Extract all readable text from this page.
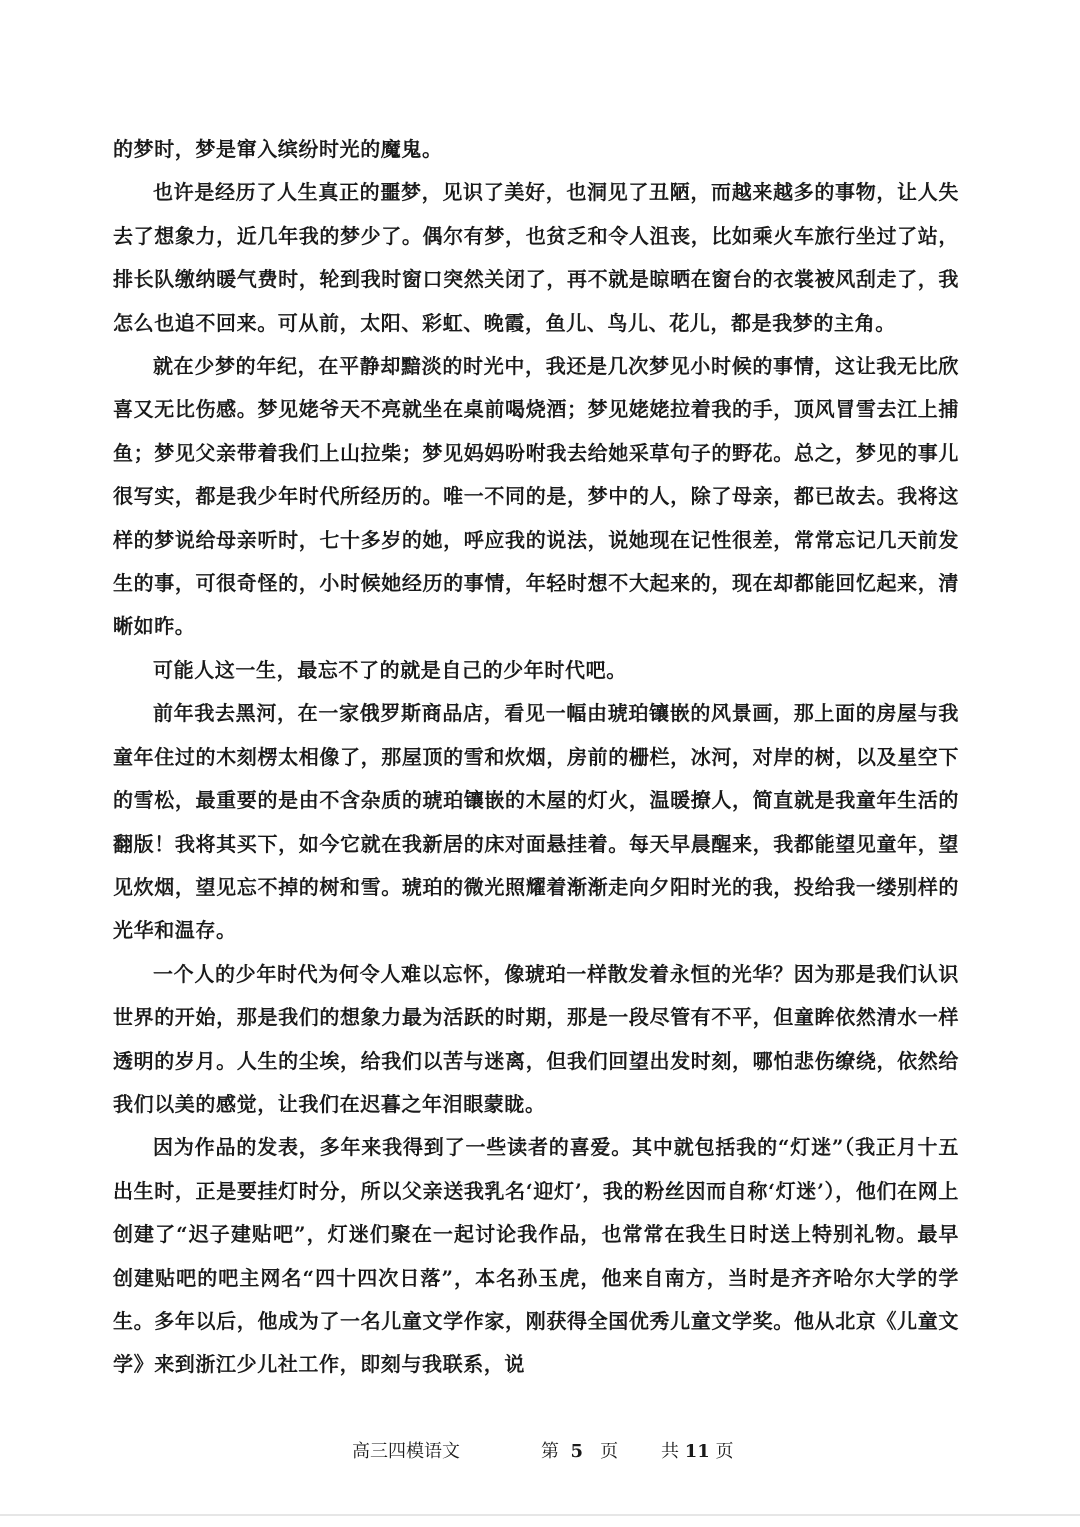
的梦时，梦是窜入缤纷时光的魔鬼。

也许是经历了人生真正的噩梦，见识了美好，也洞见了丑陋，而越来越多的事物，让人失去了想象力，近几年我的梦少了。偶尔有梦，也贫乏和令人沮丧，比如乘火车旅行坐过了站，排长队缴纳暖气费时，轮到我时窗口突然关闭了，再不就是晾晒在窗台的衣裳被风刮走了，我怎么也追不回来。可从前，太阳、彩虹、晚霞，鱼儿、鸟儿、花儿，都是我梦的主角。

就在少梦的年纪，在平静却黯淡的时光中，我还是几次梦见小时候的事情，这让我无比欣喜又无比伤感。梦见姥爷天不亮就坐在桌前喝烧酒；梦见姥姥拉着我的手，顶风冒雪去江上捕鱼；梦见父亲带着我们上山拉柴；梦见妈妈吩咐我去给她采草句子的野花。总之，梦见的事儿很写实，都是我少年时代所经历的。唯一不同的是，梦中的人，除了母亲，都已故去。我将这样的梦说给母亲听时，七十多岁的她，呼应我的说法，说她现在记性很差，常常忘记几天前发生的事，可很奇怪的，小时候她经历的事情，年轻时想不大起来的，现在却都能回忆起来，清晰如昨。

可能人这一生，最忘不了的就是自己的少年时代吧。

前年我去黑河，在一家俄罗斯商品店，看见一幅由琥珀镶嵌的风景画，那上面的房屋与我童年住过的木刻楞太相像了，那屋顶的雪和炊烟，房前的栅栏，冰河，对岸的树，以及星空下的雪松，最重要的是由不含杂质的琥珀镶嵌的木屋的灯火，温暖撩人，简直就是我童年生活的翻版！我将其买下，如今它就在我新居的床对面悬挂着。每天早晨醒来，我都能望见童年，望见炊烟，望见忘不掉的树和雪。琥珀的微光照耀着渐渐走向夕阳时光的我，投给我一缕别样的光华和温存。

一个人的少年时代为何令人难以忘怀，像琥珀一样散发着永恒的光华？因为那是我们认识世界的开始，那是我们的想象力最为活跃的时期，那是一段尽管有不平，但童眸依然清水一样透明的岁月。人生的尘埃，给我们以苦与迷离，但我们回望出发时刻，哪怕悲伤缭绕，依然给我们以美的感觉，让我们在迟暮之年泪眼蒙眬。

因为作品的发表，多年来我得到了一些读者的喜爱。其中就包括我的“灯迷”（我正月十五出生时，正是要挂灯时分，所以父亲送我乳名‘迎灯’，我的粉丝因而自称‘灯迷’），他们在网上创建了“迟子建贴吧”，灯迷们聚在一起讨论我作品，也常常在我生日时送上特别礼物。最早创建贴吧的吧主网名“四十四次日落”，本名孙玉虎，他来自南方，当时是齐齐哈尔大学的学生。多年以后，他成为了一名儿童文学作家，刚获得全国优秀儿童文学奖。他从北京《儿童文学》来到浙江少儿社工作，即刻与我联系，说

高三四模语文	第 5 页 共 11 页
